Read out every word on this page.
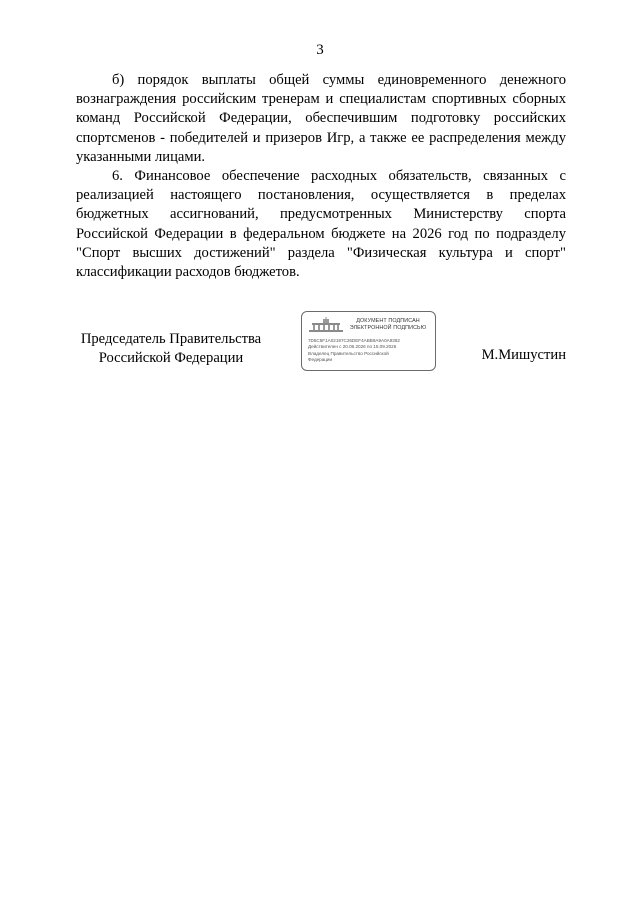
3

б) порядок выплаты общей суммы единовременного денежного вознаграждения российским тренерам и специалистам спортивных сборных команд Российской Федерации, обеспечившим подготовку российских спортсменов - победителей и призеров Игр, а также ее распределения между указанными лицами.

6. Финансовое обеспечение расходных обязательств, связанных с реализацией настоящего постановления, осуществляется в пределах бюджетных ассигнований, предусмотренных Министерству спорта Российской Федерации в федеральном бюджете на 2026 год по подразделу "Спорт высших достижений" раздела "Физическая культура и спорт" классификации расходов бюджетов.

Председатель Правительства
Российской Федерации
ДОКУМЕНТ ПОДПИСАН
ЭЛЕКТРОННОЙ ПОДПИСЬЮ
7D5C5F1A02197C26DEF4ABB9A9A0A9382
Действителен с 20.06.2026 по 15.09.2026
Владелец Правительство Российской
Федерации	М.Мишустин
